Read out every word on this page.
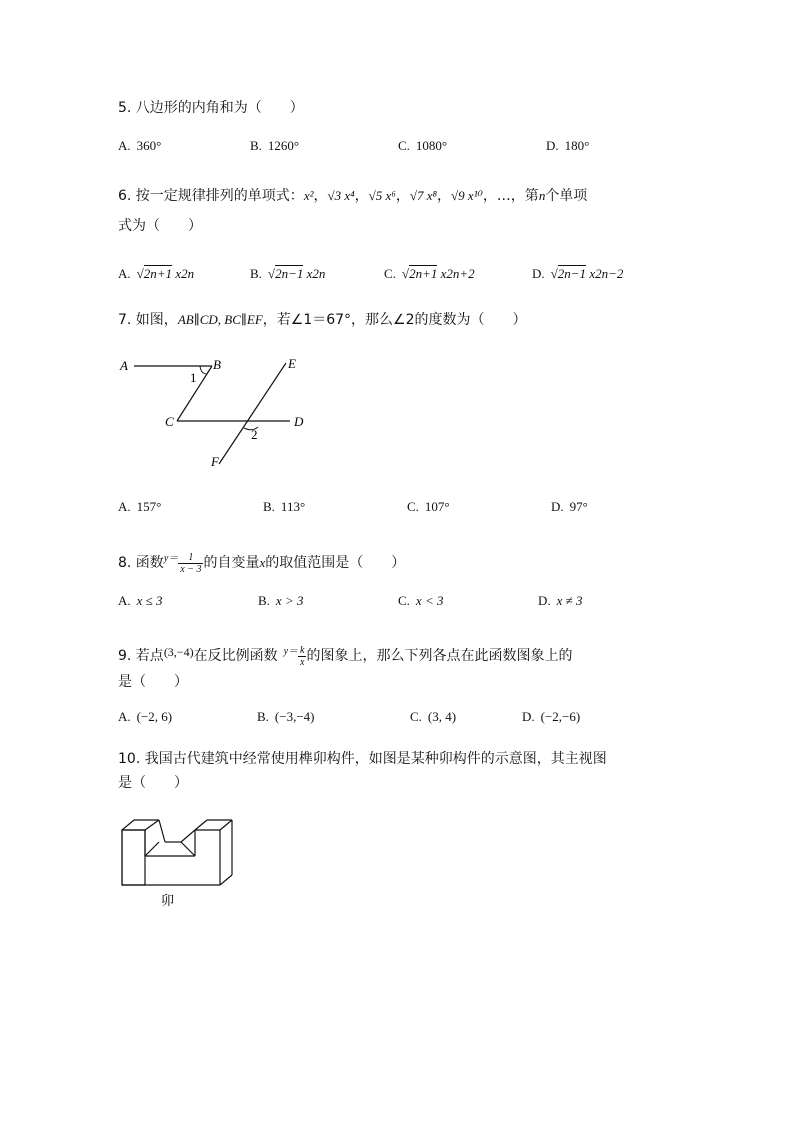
5. 八边形的内角和为（　　）
A. 360°	B. 1260°	C. 1080°	D. 180°
6. 按一定规律排列的单项式：x²，√3 x⁴，√5 x⁶，√7 x⁸，√9 x¹⁰，…，第n个单项
式为（　　）
A. √2n+1 x2n	B. √2n−1 x2n	C. √2n+1 x2n+2	D. √2n−1 x2n−2
7. 如图，AB∥CD, BC∥EF，若∠1＝67°，那么∠2的度数为（　　）
A	B
C	D
E
F
1
2
A. 157°	B. 113°	C. 107°	D. 97°
8. 函数$^{y=} \frac{1}{x - 3}$ 的自变量x的取值范围是（　　）
A. x ≤ 3	B. x > 3	C. x < 3	D. x ≠ 3
9. 若点(3,−4)在反比例函数 $^{y=} \frac{k}{x}$ 的图象上，那么下列各点在此函数图象上的
是（　　）
A. (−2, 6)	B. (−3,−4)	C. (3, 4)	D. (−2,−6)
10. 我国古代建筑中经常使用榫卯构件，如图是某种卯构件的示意图，其主视图
是（　　）
卯
